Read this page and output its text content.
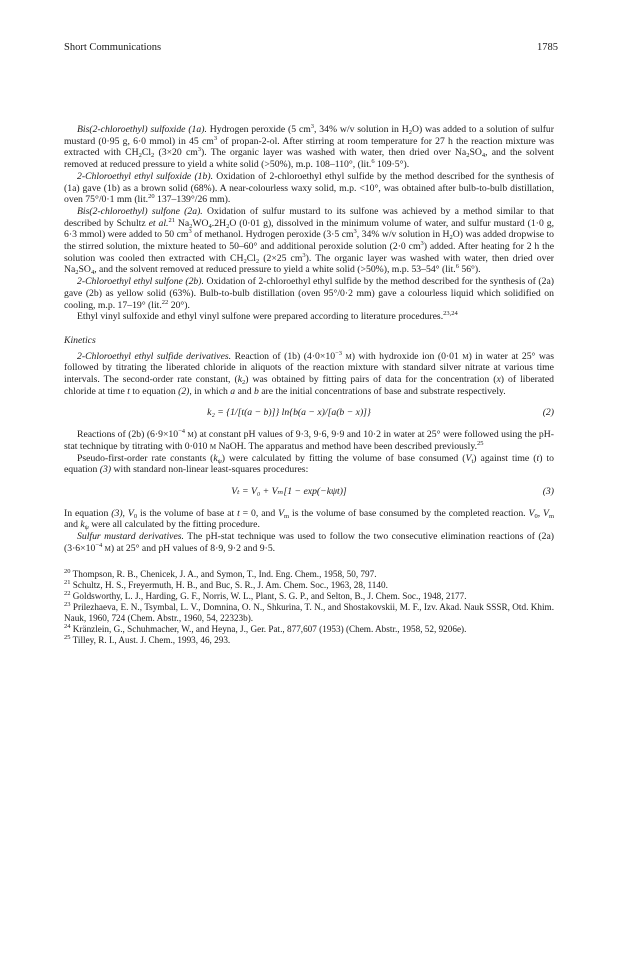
Short Communications	1785

Bis(2-chloroethyl) sulfoxide (1a). Hydrogen peroxide (5 $cm^3$, 34% w/v solution in $H_2O$) was added to a solution of sulfur mustard (0·95 g, 6·0 mmol) in 45 $cm^3$ of propan-2-ol. After stirring at room temperature for 27 h the reaction mixture was extracted with $CH_2Cl_2$ (3×20 $cm^3$). The organic layer was washed with water, then dried over $Na_2SO_4$, and the solvent removed at reduced pressure to yield a white solid (>50%), m.p. 108–110°, (lit.$^6$ 109·5°).

2-Chloroethyl ethyl sulfoxide (1b). Oxidation of 2-chloroethyl ethyl sulfide by the method described for the synthesis of (1a) gave (1b) as a brown solid (68%). A near-colourless waxy solid, m.p. <10°, was obtained after bulb-to-bulb distillation, oven 75°/0·1 mm (lit.$^{20}$ 137–139°/26 mm).

Bis(2-chloroethyl) sulfone (2a). Oxidation of sulfur mustard to its sulfone was achieved by a method similar to that described by Schultz et al.$^{21}$ $Na_2WO_4.2H_2O$ (0·01 g), dissolved in the minimum volume of water, and sulfur mustard (1·0 g, 6·3 mmol) were added to 50 $cm^3$ of methanol. Hydrogen peroxide (3·5 $cm^3$, 34% w/v solution in $H_2O$) was added dropwise to the stirred solution, the mixture heated to 50–60° and additional peroxide solution (2·0 $cm^3$) added. After heating for 2 h the solution was cooled then extracted with $CH_2Cl_2$ (2×25 $cm^3$). The organic layer was washed with water, then dried over $Na_2SO_4$, and the solvent removed at reduced pressure to yield a white solid (>50%), m.p. 53–54° (lit.$^6$ 56°).

2-Chloroethyl ethyl sulfone (2b). Oxidation of 2-chloroethyl ethyl sulfide by the method described for the synthesis of (2a) gave (2b) as yellow solid (63%). Bulb-to-bulb distillation (oven 95°/0·2 mm) gave a colourless liquid which solidified on cooling, m.p. 17–19° (lit.$^{22}$ 20°).

Ethyl vinyl sulfoxide and ethyl vinyl sulfone were prepared according to literature procedures.$^{23,24}$

Kinetics

2-Chloroethyl ethyl sulfide derivatives. Reaction of (1b) ($4\cdot 0\times 10^{-3}$ m) with hydroxide ion (0·01 m) in water at 25° was followed by titrating the liberated chloride in aliquots of the reaction mixture with standard silver nitrate at various time intervals. The second-order rate constant, $(k_2)$ was obtained by fitting pairs of data for the concentration (x) of liberated chloride at time t to equation (2), in which a and b are the initial concentrations of base and substrate respectively.

k₂ = {1/[t(a − b)]} ln{b(a − x)/[a(b − x)]}	(2)

Reactions of (2b) ($6\cdot 9\times 10^{-4}$ m) at constant pH values of 9·3, 9·6, 9·9 and 10·2 in water at 25° were followed using the pH-stat technique by titrating with 0·010 m NaOH. The apparatus and method have been described previously.$^{25}$

Pseudo-first-order rate constants $(k_\psi)$ were calculated by fitting the volume of base consumed $(V_t)$ against time (t) to equation (3) with standard non-linear least-squares procedures:

Vₜ = V₀ + Vₘ[1 − exp(−kψt)]	(3)

In equation (3), $V_0$ is the volume of base at t = 0, and $V_m$ is the volume of base consumed by the completed reaction. $V_0$, $V_m$ and $k_\psi$ were all calculated by the fitting procedure.

Sulfur mustard derivatives. The pH-stat technique was used to follow the two consecutive elimination reactions of (2a) ($3\cdot 6\times 10^{-4}$ m) at 25° and pH values of 8·9, 9·2 and 9·5.

$^{20}$ Thompson, R. B., Chenicek, J. A., and Symon, T., Ind. Eng. Chem., 1958, 50, 797.

$^{21}$ Schultz, H. S., Freyermuth, H. B., and Buc, S. R., J. Am. Chem. Soc., 1963, 28, 1140.

$^{22}$ Goldsworthy, L. J., Harding, G. F., Norris, W. L., Plant, S. G. P., and Selton, B., J. Chem. Soc., 1948, 2177.

$^{23}$ Prilezhaeva, E. N., Tsymbal, L. V., Domnina, O. N., Shkurina, T. N., and Shostakovskii, M. F., Izv. Akad. Nauk SSSR, Otd. Khim. Nauk, 1960, 724 (Chem. Abstr., 1960, 54, 22323b).

$^{24}$ Kränzlein, G., Schuhmacher, W., and Heyna, J., Ger. Pat., 877,607 (1953) (Chem. Abstr., 1958, 52, 9206e).

$^{25}$ Tilley, R. I., Aust. J. Chem., 1993, 46, 293.
